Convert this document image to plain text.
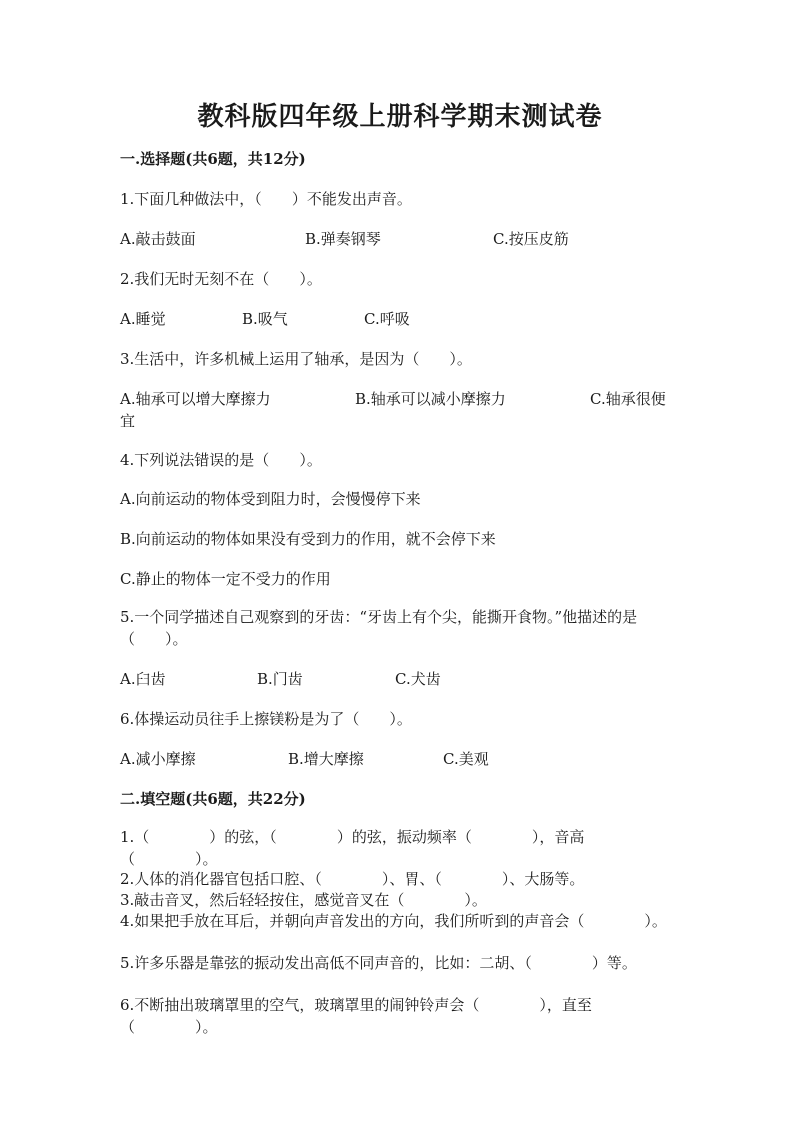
教科版四年级上册科学期末测试卷
一.选择题(共6题，共12分)
1.下面几种做法中，（　　）不能发出声音。
A.敲击鼓面	B.弹奏钢琴	C.按压皮筋
2.我们无时无刻不在（　　）。
A.睡觉	B.吸气	C.呼吸
3.生活中，许多机械上运用了轴承，是因为（　　）。
A.轴承可以增大摩擦力	B.轴承可以减小摩擦力	C.轴承很便
宜
4.下列说法错误的是（　　）。
A.向前运动的物体受到阻力时，会慢慢停下来
B.向前运动的物体如果没有受到力的作用，就不会停下来
C.静止的物体一定不受力的作用
5.一个同学描述自己观察到的牙齿：“牙齿上有个尖，能撕开食物。”他描述的是（　　）。
A.臼齿	B.门齿	C.犬齿
6.体操运动员往手上擦镁粉是为了（　　）。
A.减小摩擦	B.增大摩擦	C.美观
二.填空题(共6题，共22分)
1.（　　　　）的弦，（　　　　）的弦，振动频率（　　　　），音高（　　　　）。
2.人体的消化器官包括口腔、（　　　　）、胃、（　　　　）、大肠等。
3.敲击音叉，然后轻轻按住，感觉音叉在（　　　　）。
4.如果把手放在耳后，并朝向声音发出的方向，我们所听到的声音会（　　　　）。
5.许多乐器是靠弦的振动发出高低不同声音的，比如：二胡、（　　　　）等。
6.不断抽出玻璃罩里的空气，玻璃罩里的闹钟铃声会（　　　　），直至（　　　　）。
